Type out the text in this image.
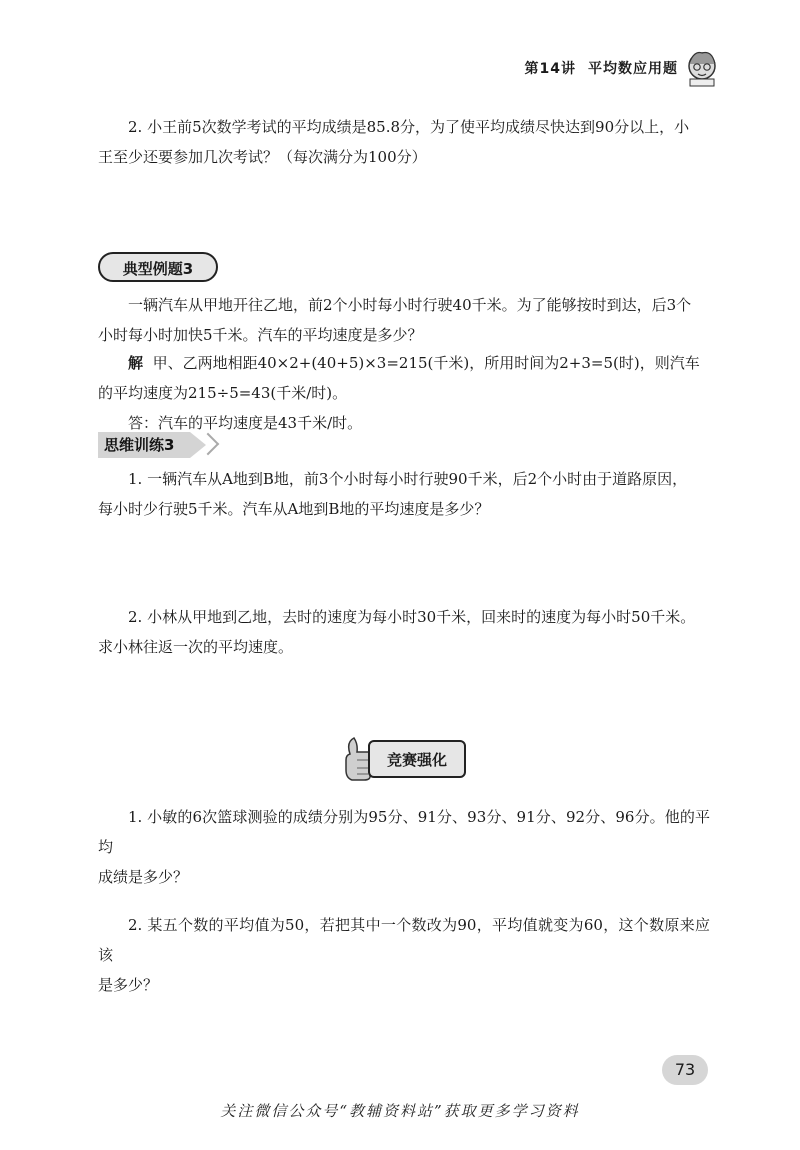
第14讲 平均数应用题
2. 小王前5次数学考试的平均成绩是85.8分，为了使平均成绩尽快达到90分以上，小
王至少还要参加几次考试？（每次满分为100分）
典型例题3
一辆汽车从甲地开往乙地，前2个小时每小时行驶40千米。为了能够按时到达，后3个
小时每小时加快5千米。汽车的平均速度是多少？
解 甲、乙两地相距40×2+(40+5)×3=215(千米)，所用时间为2+3=5(时)，则汽车
的平均速度为215÷5=43(千米/时)。
答：汽车的平均速度是43千米/时。
思维训练3
1. 一辆汽车从A地到B地，前3个小时每小时行驶90千米，后2个小时由于道路原因，
每小时少行驶5千米。汽车从A地到B地的平均速度是多少？
2. 小林从甲地到乙地，去时的速度为每小时30千米，回来时的速度为每小时50千米。
求小林往返一次的平均速度。
竞赛强化
1. 小敏的6次篮球测验的成绩分别为95分、91分、93分、91分、92分、96分。他的平均
成绩是多少？
2. 某五个数的平均值为50，若把其中一个数改为90，平均值就变为60，这个数原来应该
是多少？
73
关注微信公众号“教辅资料站”获取更多学习资料
